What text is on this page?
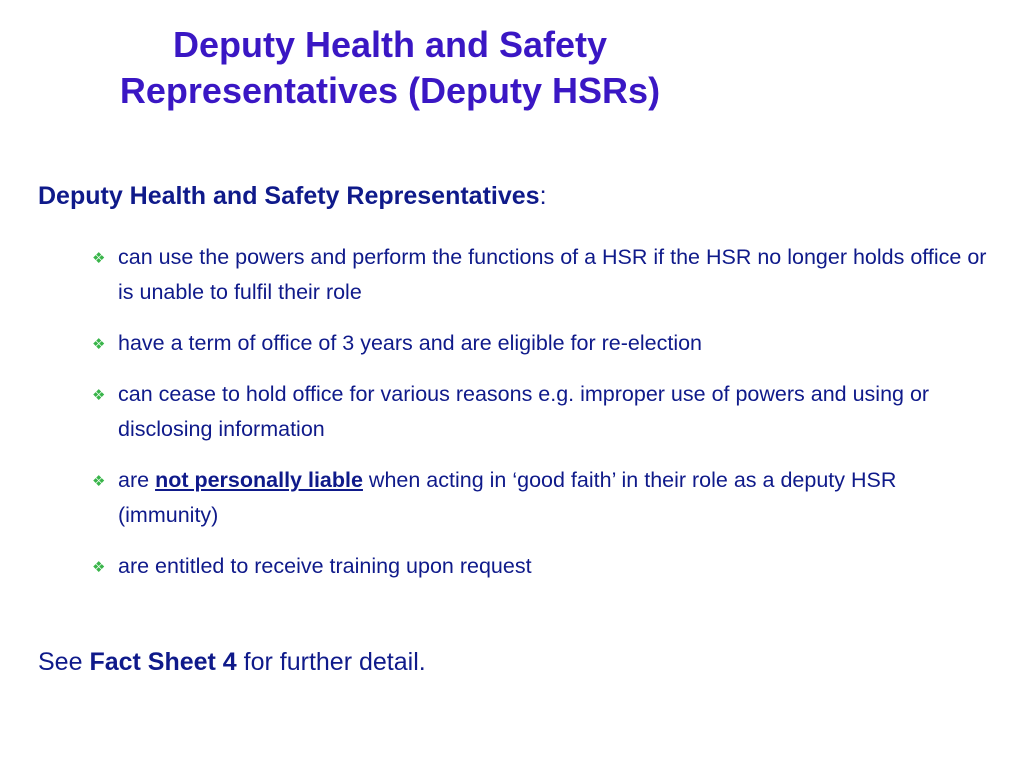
Deputy Health and Safety
Representatives (Deputy HSRs)

Deputy Health and Safety Representatives:

❖ can use the powers and perform the functions of a HSR if the HSR no longer holds office or is unable to fulfil their role
❖ have a term of office of 3 years and are eligible for re-election
❖ can cease to hold office for various reasons e.g. improper use of powers and using or disclosing information
❖ are not personally liable when acting in ‘good faith’ in their role as a deputy HSR (immunity)
❖ are entitled to receive training upon request

See Fact Sheet 4 for further detail.
